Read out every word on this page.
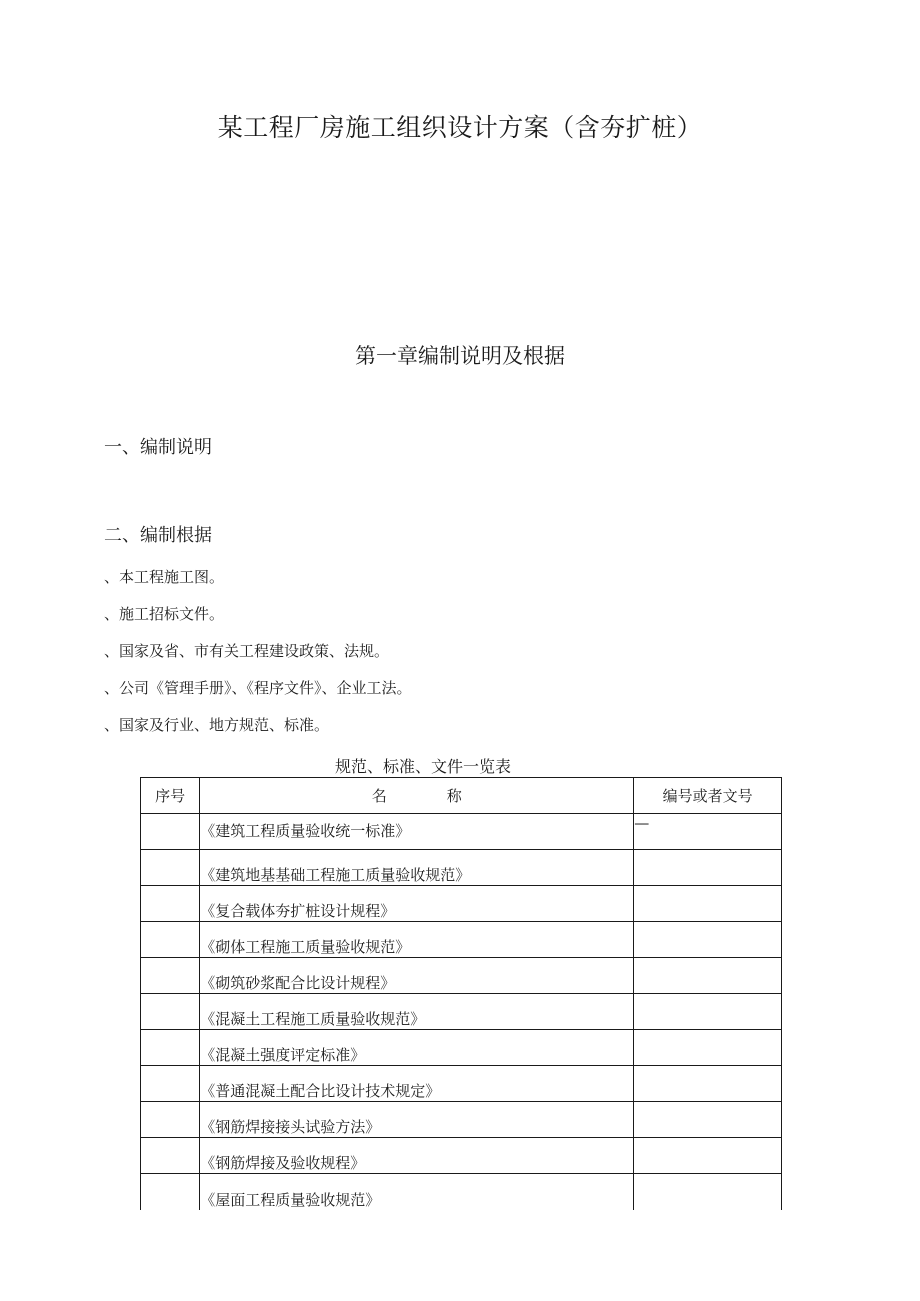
某工程厂房施工组织设计方案（含夯扩桩）
第一章编制说明及根据
一、编制说明
二、编制根据
、本工程施工图。
、施工招标文件。
、国家及省、市有关工程建设政策、法规。
、公司《管理手册》、《程序文件》、企业工法。
、国家及行业、地方规范、标准。
规范、标准、文件一览表
序号	名 称	编号或者文号
	《建筑工程质量验收统一标准》	—
	《建筑地基基础工程施工质量验收规范》	
	《复合载体夯扩桩设计规程》	
	《砌体工程施工质量验收规范》	
	《砌筑砂浆配合比设计规程》	
	《混凝土工程施工质量验收规范》	
	《混凝土强度评定标准》	
	《普通混凝土配合比设计技术规定》	
	《钢筋焊接接头试验方法》	
	《钢筋焊接及验收规程》	
	《屋面工程质量验收规范》	
